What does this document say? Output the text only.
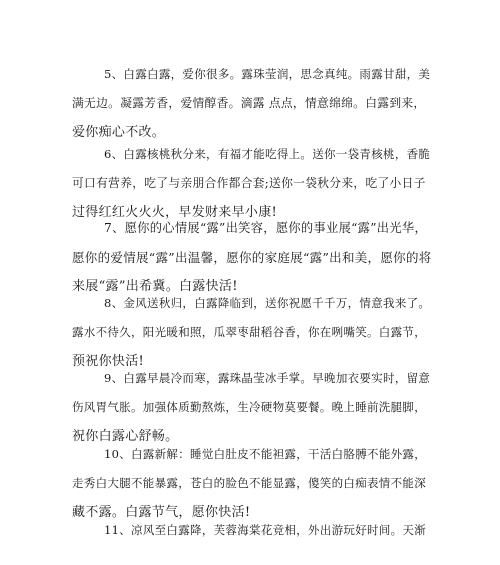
5、白露白露，爱你很多。露珠莹润，思念真纯。雨露甘甜，美
满无边。凝露芳香，爱情醇香。滴露 点点，情意绵绵。白露到来，
爱你痴心不改。
6、白露核桃秋分来，有福才能吃得上。送你一袋青核桃，香脆
可口有营养，吃了与亲朋合作都合套;送你一袋秋分来，吃了小日子
过得红红火火火，早发财来早小康!
7、愿你的心情展“露”出笑容，愿你的事业展“露”出光华，
愿你的爱情展“露”出温馨，愿你的家庭展“露”出和美，愿你的将
来展“露”出希冀。白露快活!
8、金风送秋归，白露降临到，送你祝愿千千万，情意我来了。
露水不待久，阳光暖和照，瓜翠枣甜稻谷香，你在咧嘴笑。白露节，
预祝你快活!
9、白露早晨冷而寒，露珠晶莹冰手掌。早晚加衣要实时，留意
伤风胃气胀。加强体质勤熬炼，生冷硬物莫要餐。晚上睡前洗腿脚，
祝你白露心舒畅。
10、白露新解：睡觉白肚皮不能袒露，干活白胳膊不能外露，
走秀白大腿不能暴露，苍白的脸色不能显露，傻笑的白痴表情不能深
藏不露。白露节气，愿你快活!
11、凉风至白露降，芙蓉海棠花竞相，外出游玩好时间。天渐
